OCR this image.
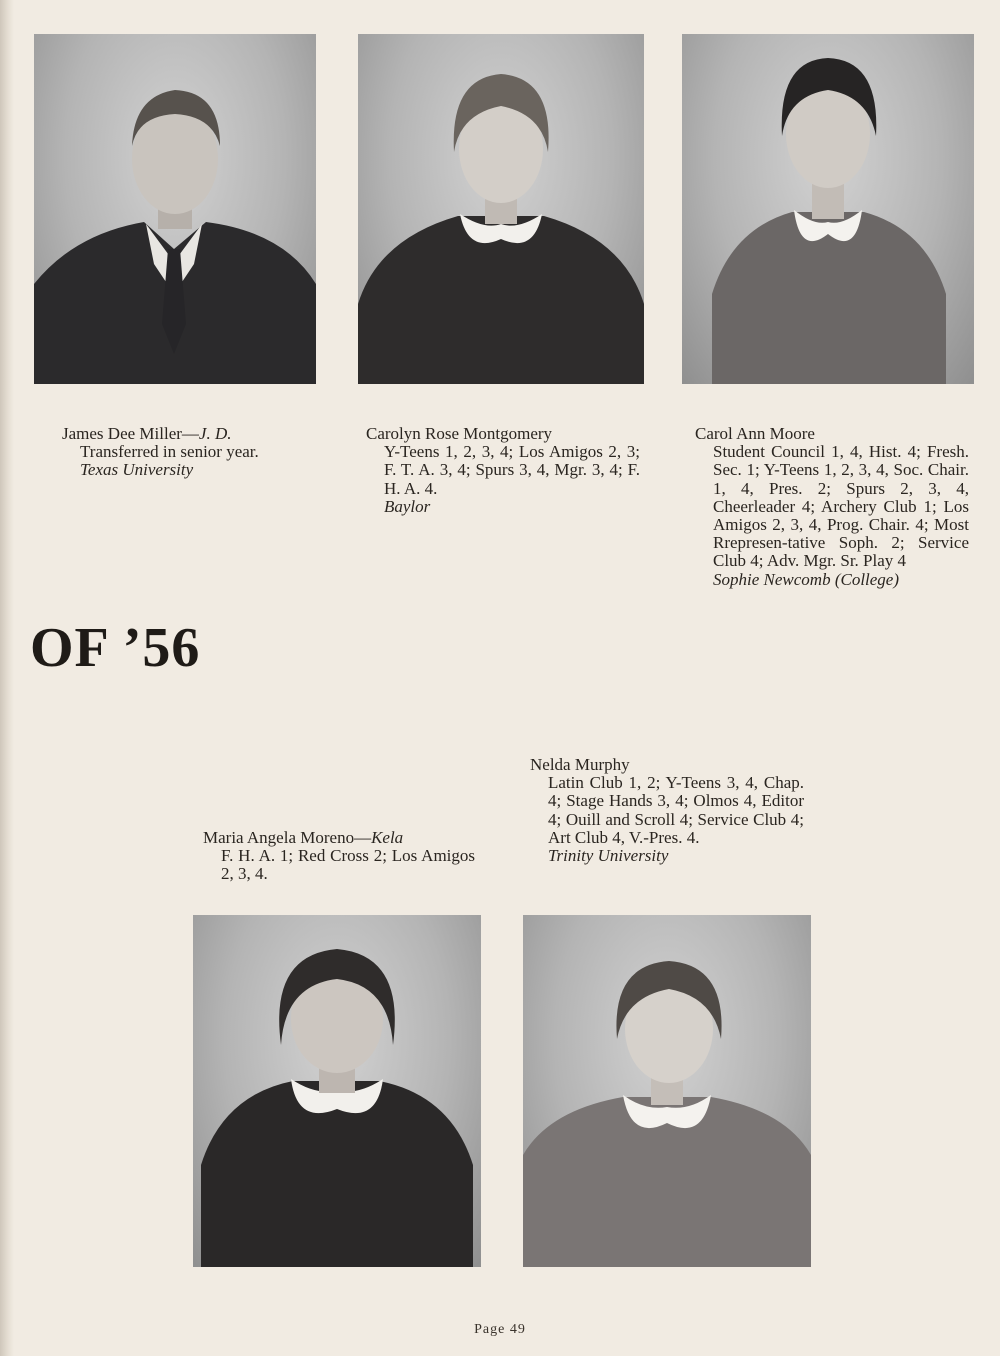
James Dee Miller—J. D.
Transferred in senior year.
Texas University
Carolyn Rose Montgomery
Y-Teens 1, 2, 3, 4; Los Amigos 2, 3; F. T. A. 3, 4; Spurs 3, 4, Mgr. 3, 4; F. H. A. 4.
Baylor
Carol Ann Moore
Student Council 1, 4, Hist. 4; Fresh. Sec. 1; Y-Teens 1, 2, 3, 4, Soc. Chair. 1, 4, Pres. 2; Spurs 2, 3, 4, Cheerleader 4; Archery Club 1; Los Amigos 2, 3, 4, Prog. Chair. 4; Most Rrepresen-tative Soph. 2; Service Club 4; Adv. Mgr. Sr. Play 4
Sophie Newcomb (College)
OF ’56
Maria Angela Moreno—Kela
F. H. A. 1; Red Cross 2; Los Amigos 2, 3, 4.
Nelda Murphy
Latin Club 1, 2; Y-Teens 3, 4, Chap. 4; Stage Hands 3, 4; Olmos 4, Editor 4; Ouill and Scroll 4; Service Club 4; Art Club 4, V.-Pres. 4.
Trinity University
Page 49
